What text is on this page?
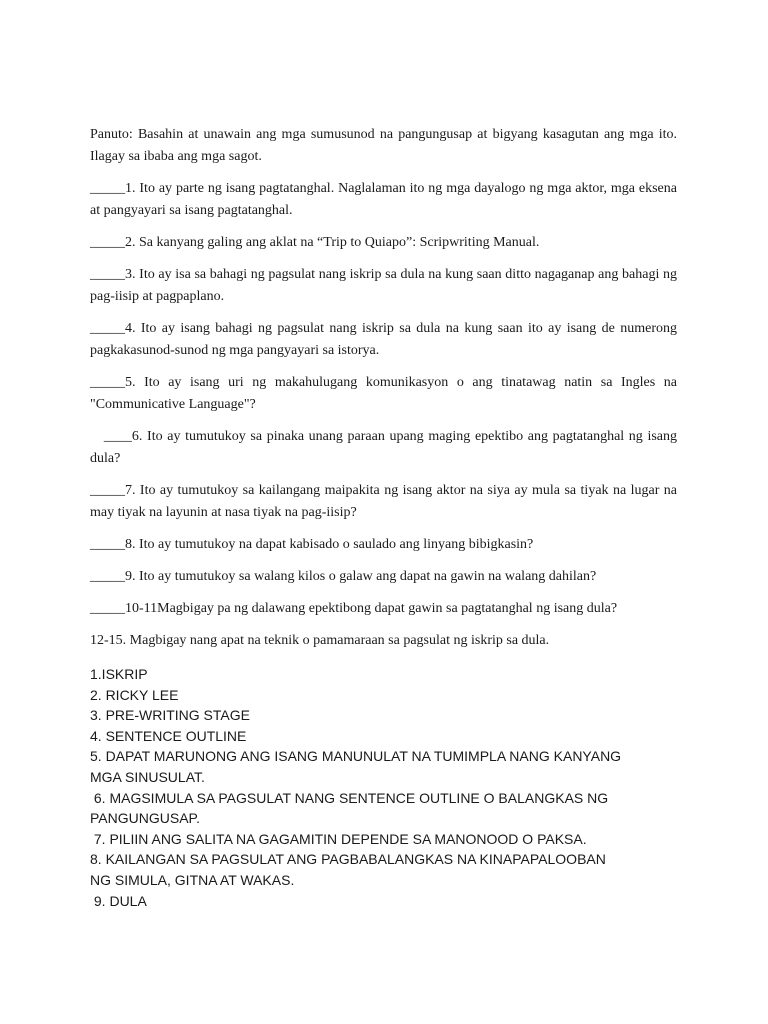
Panuto: Basahin at unawain ang mga sumusunod na pangungusap at bigyang kasagutan ang mga ito. Ilagay sa ibaba ang mga sagot.

_____1. Ito ay parte ng isang pagtatanghal. Naglalaman ito ng mga dayalogo ng mga aktor, mga eksena at pangyayari sa isang pagtatanghal.

_____2. Sa kanyang galing ang aklat na “Trip to Quiapo”: Scripwriting Manual.

_____3. Ito ay isa sa bahagi ng pagsulat nang iskrip sa dula na kung saan ditto nagaganap ang bahagi ng pag-iisip at pagpaplano.

_____4. Ito ay isang bahagi ng pagsulat nang iskrip sa dula na kung saan ito ay isang de numerong pagkakasunod-sunod ng mga pangyayari sa istorya.

_____5. Ito ay isang uri ng makahulugang komunikasyon o ang tinatawag natin sa Ingles na "Communicative Language"?

____6. Ito ay tumutukoy sa pinaka unang paraan upang maging epektibo ang pagtatanghal ng isang dula?

_____7. Ito ay tumutukoy sa kailangang maipakita ng isang aktor na siya ay mula sa tiyak na lugar na may tiyak na layunin at nasa tiyak na pag-iisip?

_____8. Ito ay tumutukoy na dapat kabisado o saulado ang linyang bibigkasin?

_____9. Ito ay tumutukoy sa walang kilos o galaw ang dapat na gawin na walang dahilan?

_____10-11Magbigay pa ng dalawang epektibong dapat gawin sa pagtatanghal ng isang dula?

12-15. Magbigay nang apat na teknik o pamamaraan sa pagsulat ng iskrip sa dula.

1.ISKRIP

2. RICKY LEE

3. PRE-WRITING STAGE

4. SENTENCE OUTLINE

5. DAPAT MARUNONG ANG ISANG MANUNULAT NA TUMIMPLA NANG KANYANG

MGA SINUSULAT.

6. MAGSIMULA SA PAGSULAT NANG SENTENCE OUTLINE O BALANGKAS NG

PANGUNGUSAP.

7. PILIIN ANG SALITA NA GAGAMITIN DEPENDE SA MANONOOD O PAKSA.

8. KAILANGAN SA PAGSULAT ANG PAGBABALANGKAS NA KINAPAPALOOBAN

NG SIMULA, GITNA AT WAKAS.

9. DULA
